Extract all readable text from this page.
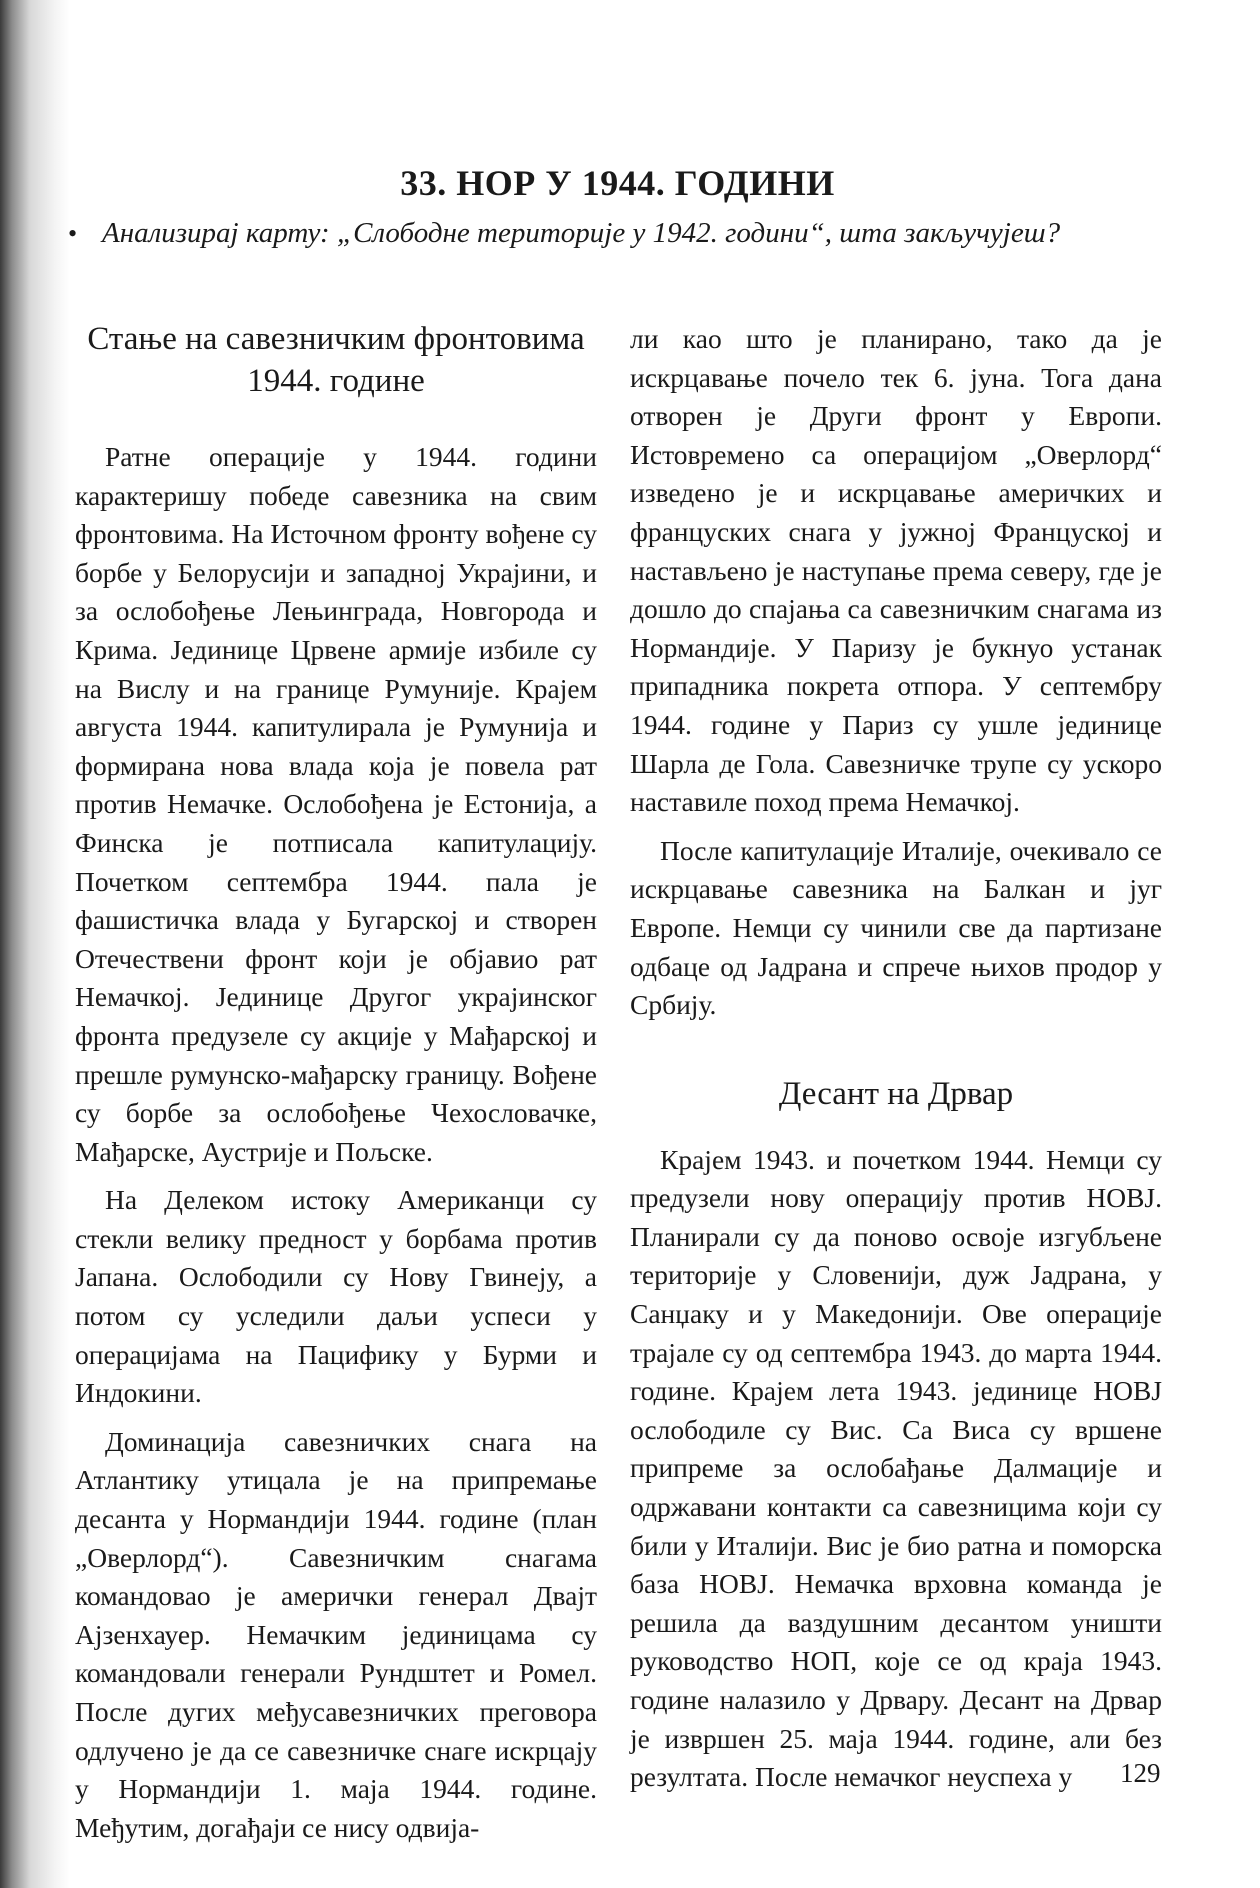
33. НОР У 1944. ГОДИНИ
• Анализирај карту: „Слободне територије у 1942. години“, шта закључујеш?
Стање на савезничким фронтовима 1944. године

Ратне операције у 1944. години карактеришу победе савезника на свим фронтовима. На Источном фронту вођене су борбе у Белорусији и западној Украјини, и за ослобођење Лењинграда, Новгорода и Крима. Јединице Црвене армије избиле су на Вислу и на границе Румуније. Крајем августа 1944. капитулирала је Румунија и формирана нова влада која је повела рат против Немачке. Ослобођена је Естонија, а Финска је потписала капитулацију. Почетком септембра 1944. пала је фашистичка влада у Бугарској и створен Отечествени фронт који је објавио рат Немачкој. Јединице Другог украјинског фронта предузеле су акције у Мађарској и прешле румунско-мађарску границу. Вођене су борбе за ослобођење Чехословачке, Мађарске, Аустрије и Пољске.

На Делеком истоку Американци су стекли велику предност у борбама против Јапана. Ослободили су Нову Гвинеју, а потом су уследили даљи успеси у операцијама на Пацифику у Бурми и Индокини.

Доминација савезничких снага на Атлантику утицала је на припремање десанта у Нормандији 1944. године (план „Оверлорд“). Савезничким снагама командовао је амерички генерал Двајт Ајзенхауер. Немачким јединицама су командовали генерали Рундштет и Ромел. После дугих међусавезничких преговора одлучено је да се савезничке снаге искрцају у Нормандији 1. маја 1944. године. Међутим, догађаји се нису одвија-

ли као што је планирано, тако да је искрцавање почело тек 6. јуна. Тога дана отворен је Други фронт у Европи. Истовремено са операцијом „Оверлорд“ изведено је и искрцавање америчких и француских снага у јужној Француској и настављено је наступање према северу, где је дошло до спајања са савезничким снагама из Нормандије. У Паризу је букнуо устанак припадника покрета отпора. У септембру 1944. године у Париз су ушле јединице Шарла де Гола. Савезничке трупе су ускоро наставиле поход према Немачкој.

После капитулације Италије, очекивало се искрцавање савезника на Балкан и југ Европе. Немци су чинили све да партизане одбаце од Јадрана и спрече њихов продор у Србију.

Десант на Дрвар

Крајем 1943. и почетком 1944. Немци су предузели нову операцију против НОВЈ. Планирали су да поново освоје изгубљене територије у Словенији, дуж Јадрана, у Санџаку и у Македонији. Ове операције трајале су од септембра 1943. до марта 1944. године. Крајем лета 1943. јединице НОВЈ ослободиле су Вис. Са Виса су вршене припреме за ослобађање Далмације и одржавани контакти са савезницима који су били у Италији. Вис је био ратна и поморска база НОВЈ. Немачка врховна команда је решила да ваздушним десантом уништи руководство НОП, које се од краја 1943. године налазило у Дрвару. Десант на Дрвар је извршен 25. маја 1944. године, али без резултата. После немачког неуспеха у	129
